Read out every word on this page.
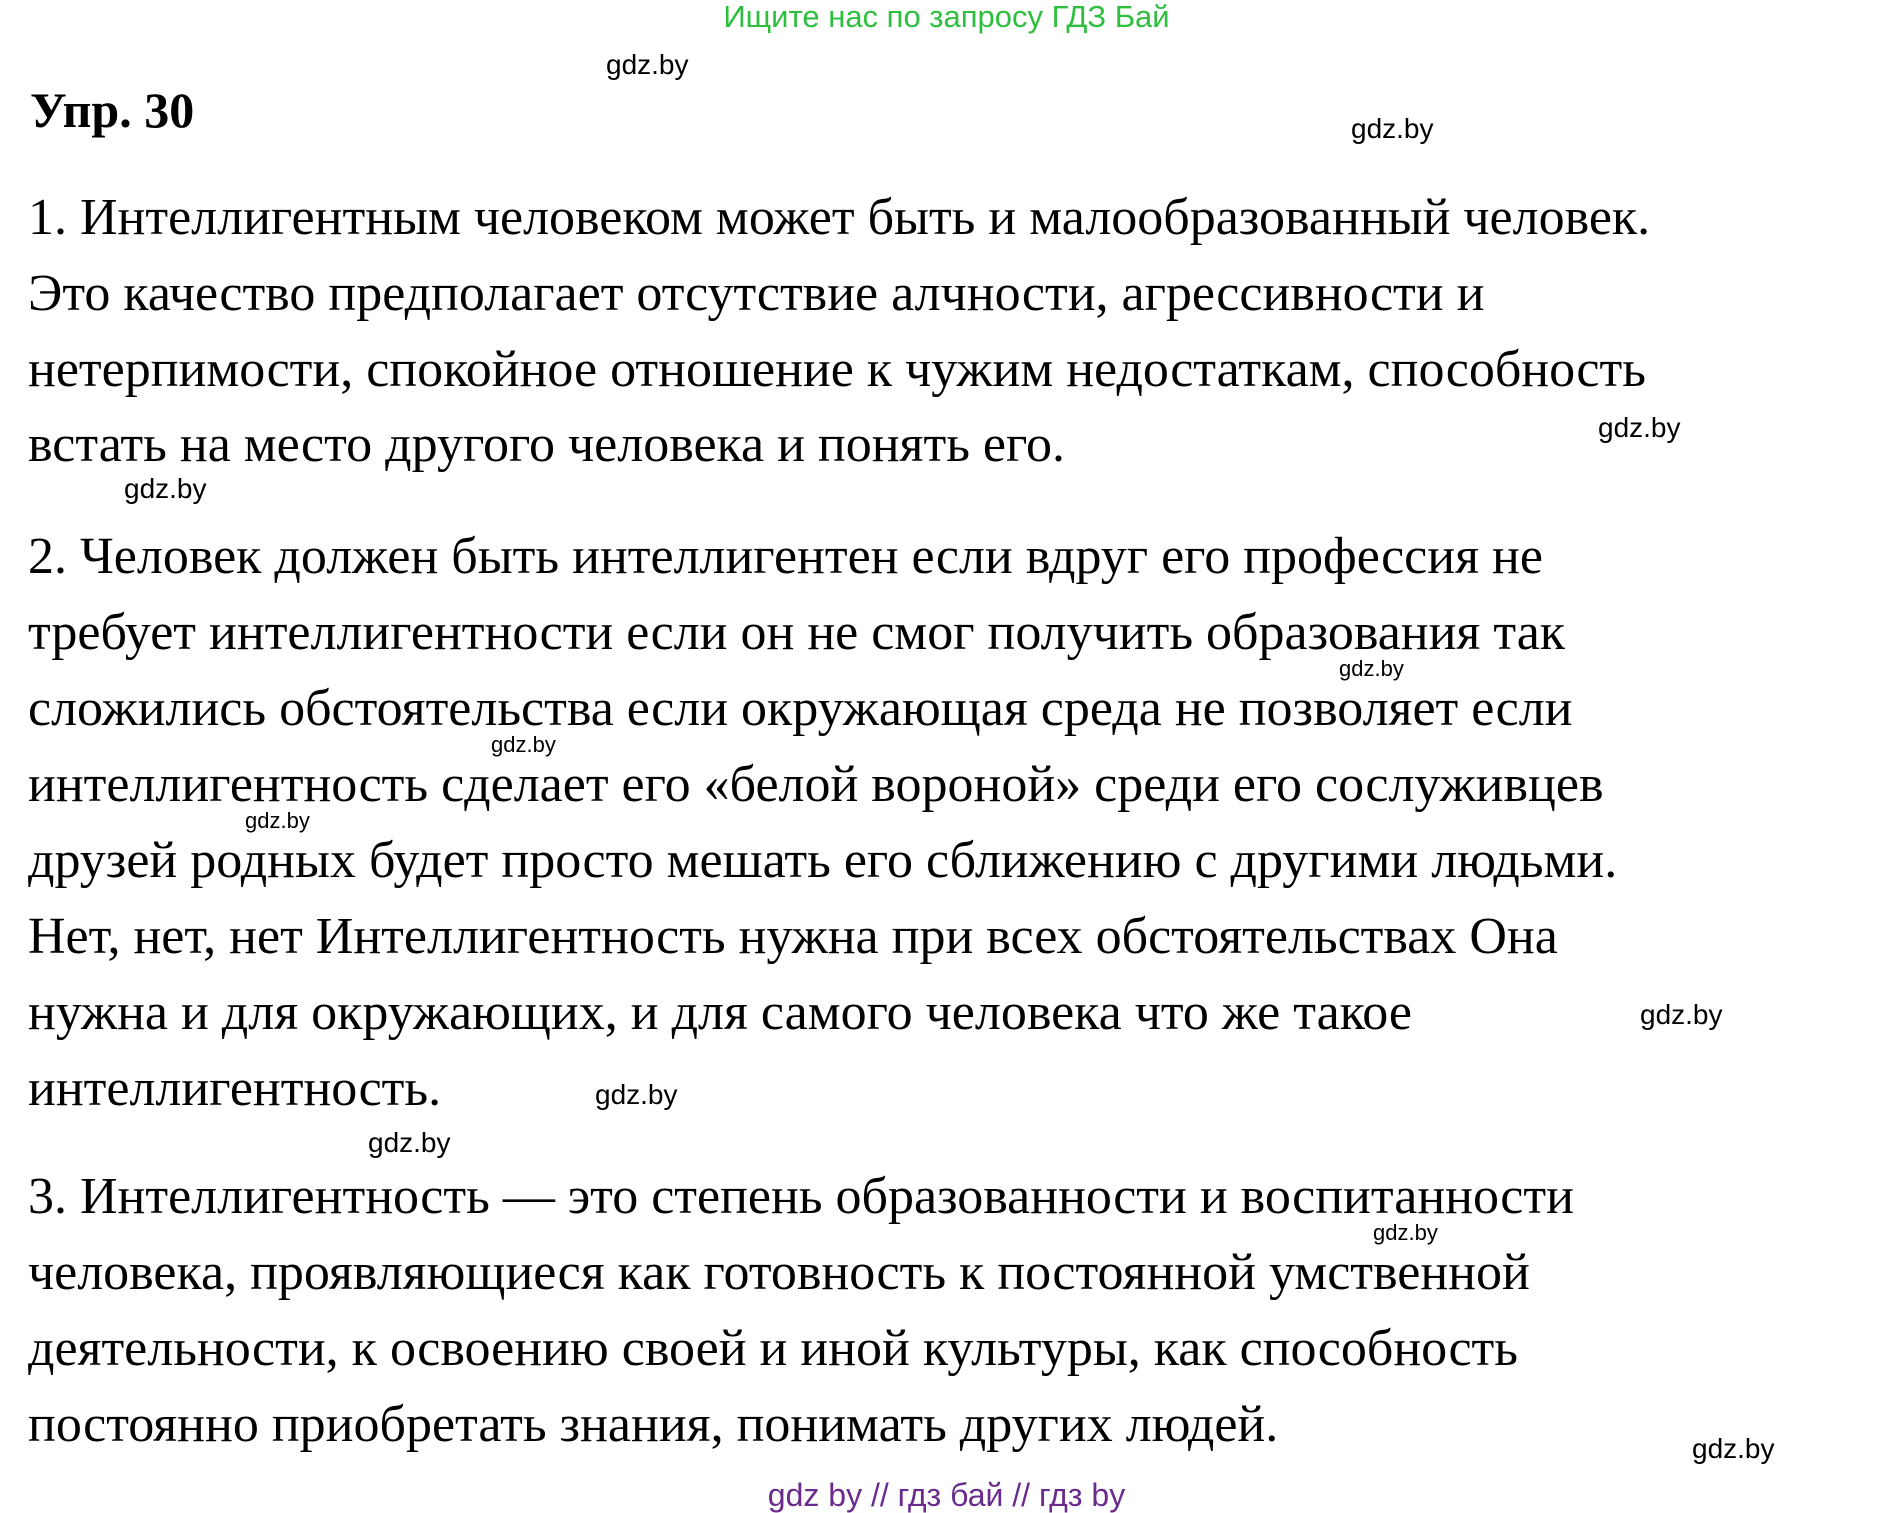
Ищите нас по запросу ГДЗ Бай
Упр. 30
1. Интеллигентным человеком может быть и малообразованный человек.
Это качество предполагает отсутствие алчности, агрессивности и
нетерпимости, спокойное отношение к чужим недостаткам, способность
встать на место другого человека и понять его.
2. Человек должен быть интеллигентен если вдруг его профессия не
требует интеллигентности если он не смог получить образования так
сложились обстоятельства если окружающая среда не позволяет если
интеллигентность сделает его «белой вороной» среди его сослуживцев
друзей родных будет просто мешать его сближению с другими людьми.
Нет, нет, нет Интеллигентность нужна при всех обстоятельствах Она
нужна и для окружающих, и для самого человека что же такое
интеллигентность.
3. Интеллигентность — это степень образованности и воспитанности
человека, проявляющиеся как готовность к постоянной умственной
деятельности, к освоению своей и иной культуры, как способность
постоянно приобретать знания, понимать других людей.
gdz.by
gdz.by
gdz.by
gdz.by
gdz.by
gdz.by
gdz.by
gdz.by
gdz.by
gdz.by
gdz.by
gdz.by
gdz by // гдз бай // гдз by
